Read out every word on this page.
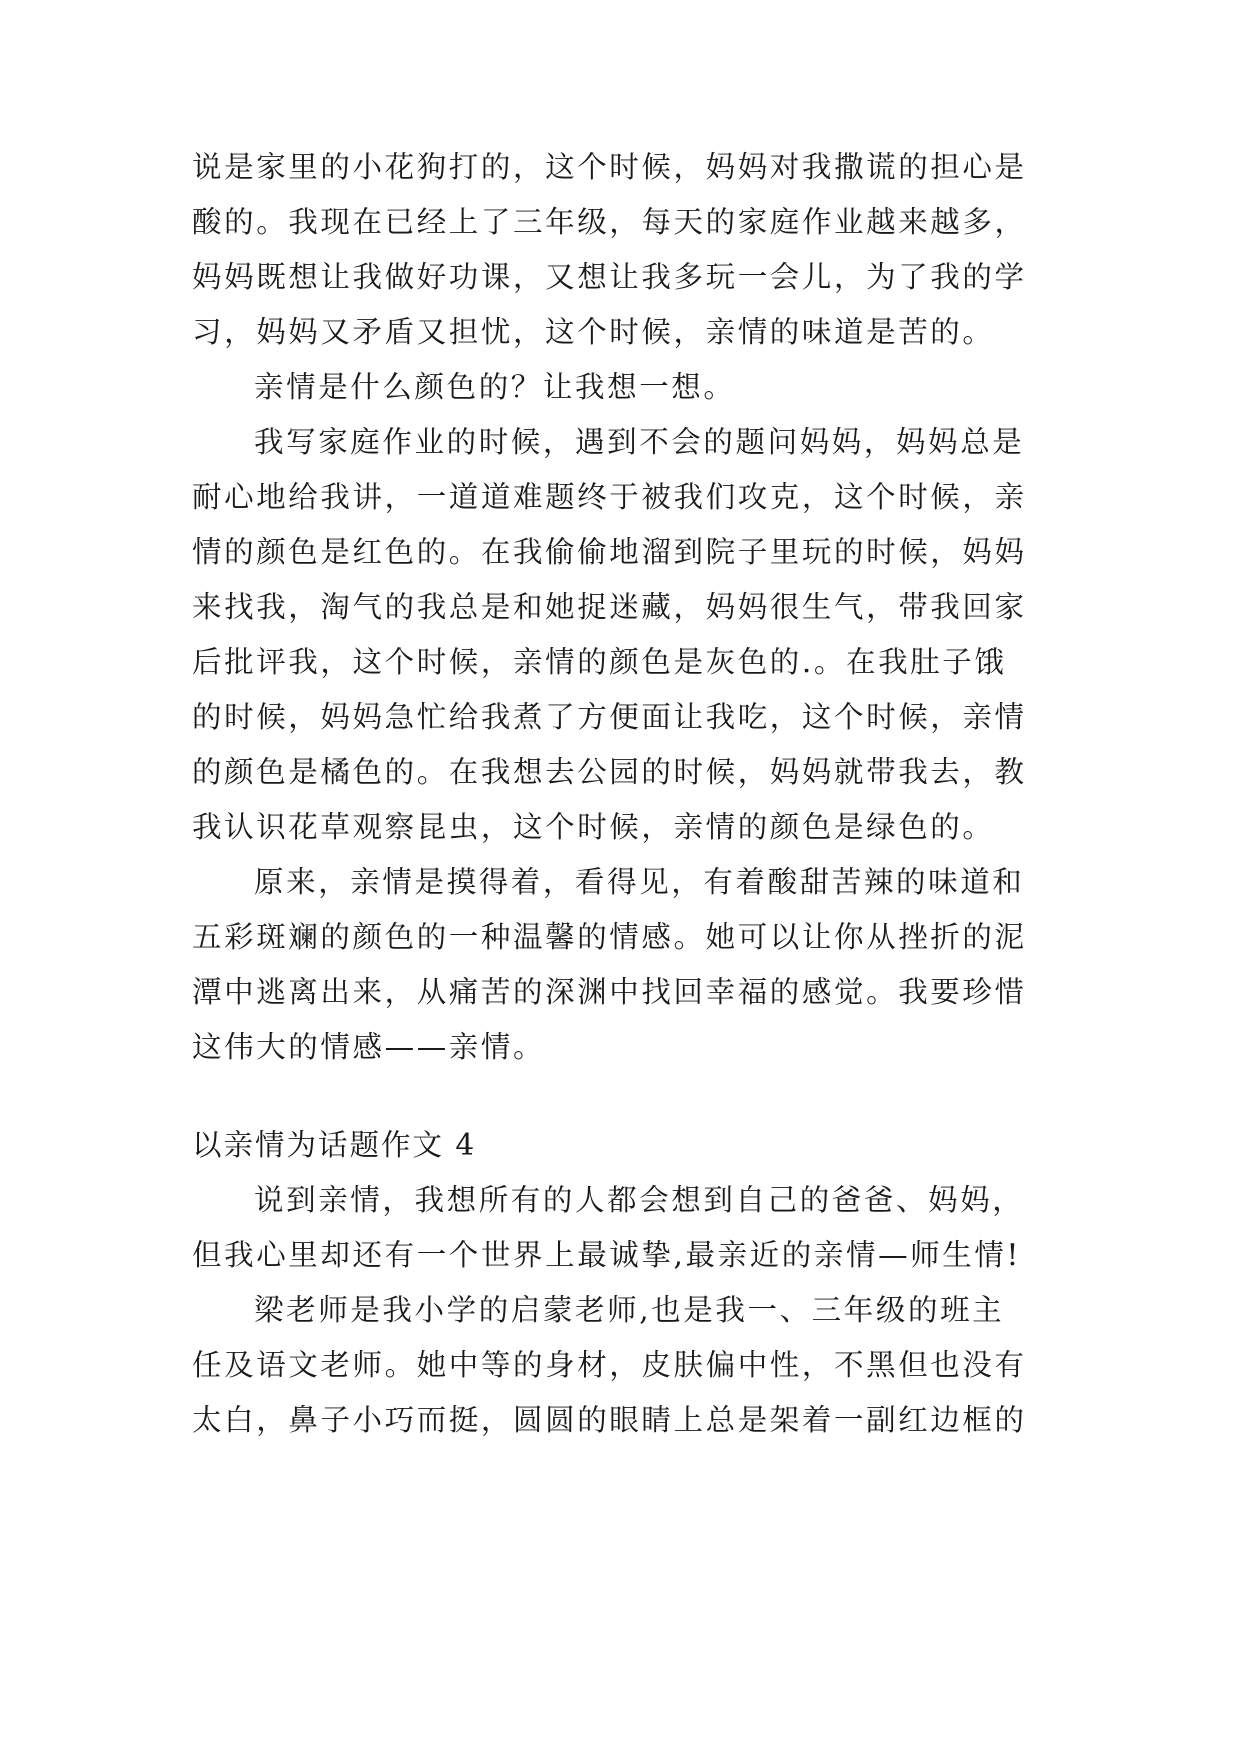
说是家里的小花狗打的，这个时候，妈妈对我撒谎的担心是
酸的。我现在已经上了三年级，每天的家庭作业越来越多，
妈妈既想让我做好功课，又想让我多玩一会儿，为了我的学
习，妈妈又矛盾又担忧，这个时候，亲情的味道是苦的。
亲情是什么颜色的？让我想一想。
我写家庭作业的时候，遇到不会的题问妈妈，妈妈总是
耐心地给我讲，一道道难题终于被我们攻克，这个时候，亲
情的颜色是红色的。在我偷偷地溜到院子里玩的时候，妈妈
来找我，淘气的我总是和她捉迷藏，妈妈很生气，带我回家
后批评我，这个时候，亲情的颜色是灰色的.。在我肚子饿
的时候，妈妈急忙给我煮了方便面让我吃，这个时候，亲情
的颜色是橘色的。在我想去公园的时候，妈妈就带我去，教
我认识花草观察昆虫，这个时候，亲情的颜色是绿色的。
原来，亲情是摸得着，看得见，有着酸甜苦辣的味道和
五彩斑斓的颜色的一种温馨的情感。她可以让你从挫折的泥
潭中逃离出来，从痛苦的深渊中找回幸福的感觉。我要珍惜
这伟大的情感——亲情。
以亲情为话题作文 4
说到亲情，我想所有的人都会想到自己的爸爸、妈妈，
但我心里却还有一个世界上最诚挚,最亲近的亲情—师生情!
梁老师是我小学的启蒙老师,也是我一、三年级的班主
任及语文老师。她中等的身材，皮肤偏中性，不黑但也没有
太白，鼻子小巧而挺，圆圆的眼睛上总是架着一副红边框的
